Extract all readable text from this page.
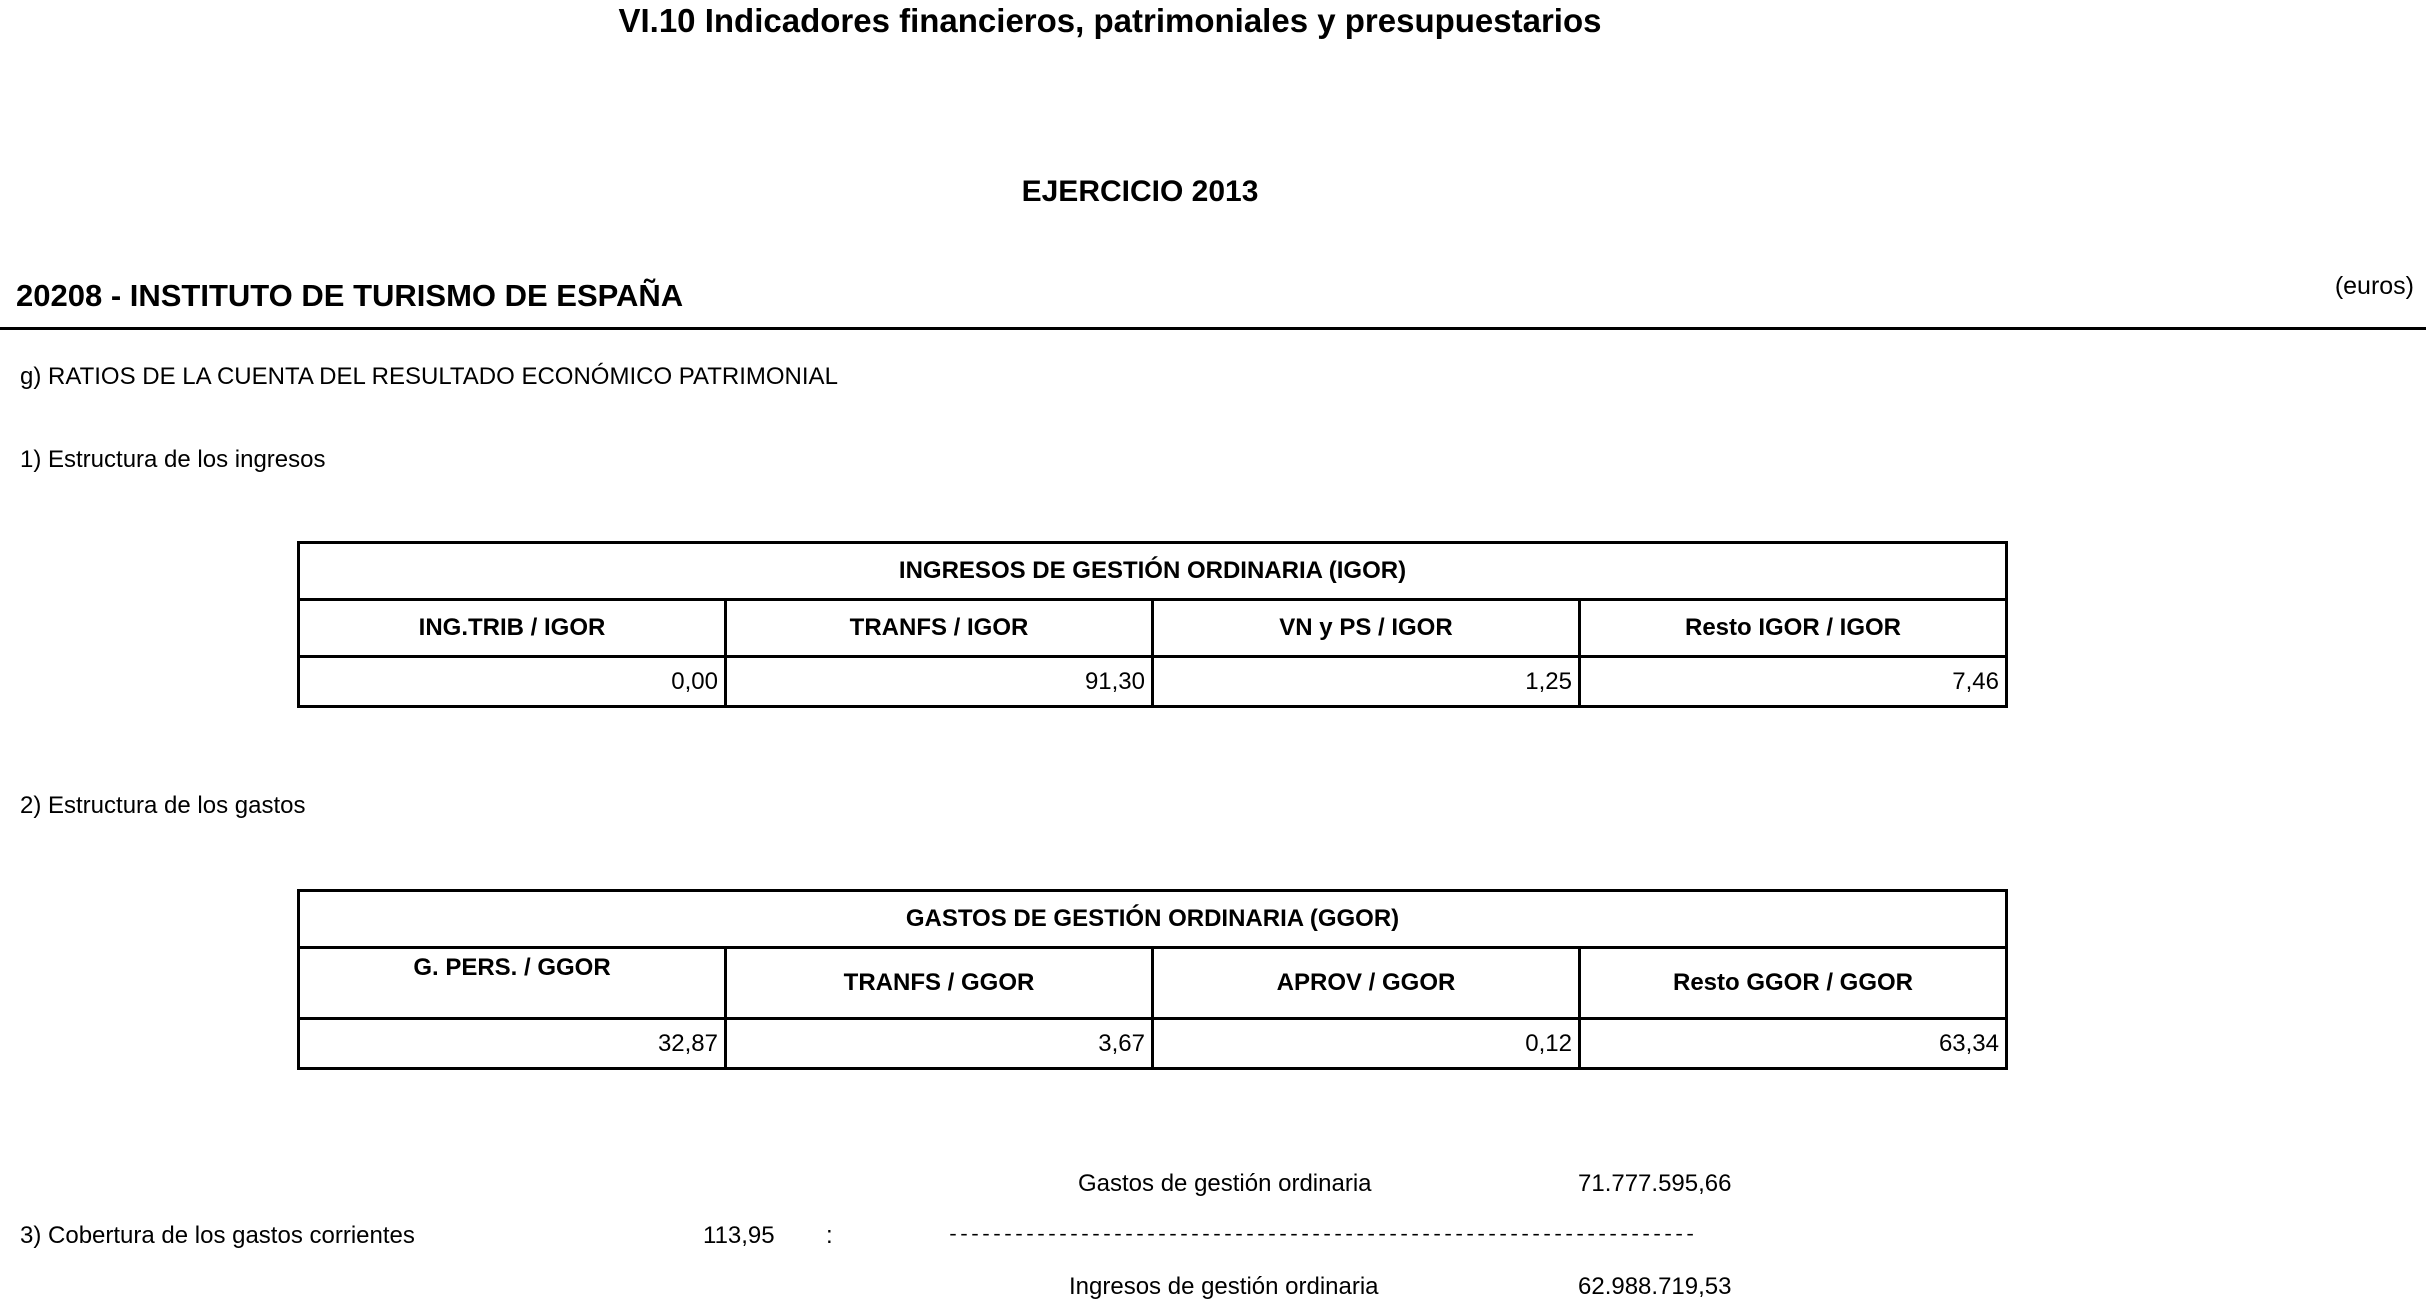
VI.10 Indicadores financieros, patrimoniales y presupuestarios
EJERCICIO 2013
20208 - INSTITUTO DE TURISMO DE ESPAÑA	(euros)
g) RATIOS DE LA CUENTA DEL RESULTADO ECONÓMICO PATRIMONIAL
1) Estructura de los ingresos
INGRESOS DE GESTIÓN ORDINARIA (IGOR)			
ING.TRIB / IGOR	TRANFS / IGOR	VN y PS / IGOR	Resto IGOR / IGOR
0,00	91,30	1,25	7,46
2) Estructura de los gastos
GASTOS DE GESTIÓN ORDINARIA (GGOR)			
G. PERS. / GGOR	TRANFS / GGOR	APROV / GGOR	Resto GGOR / GGOR
32,87	3,67	0,12	63,34
Gastos de gestión ordinaria	71.777.595,66
3) Cobertura de los gastos corrientes	113,95 :	--------------------------------------------------------------------
Ingresos de gestión ordinaria	62.988.719,53
